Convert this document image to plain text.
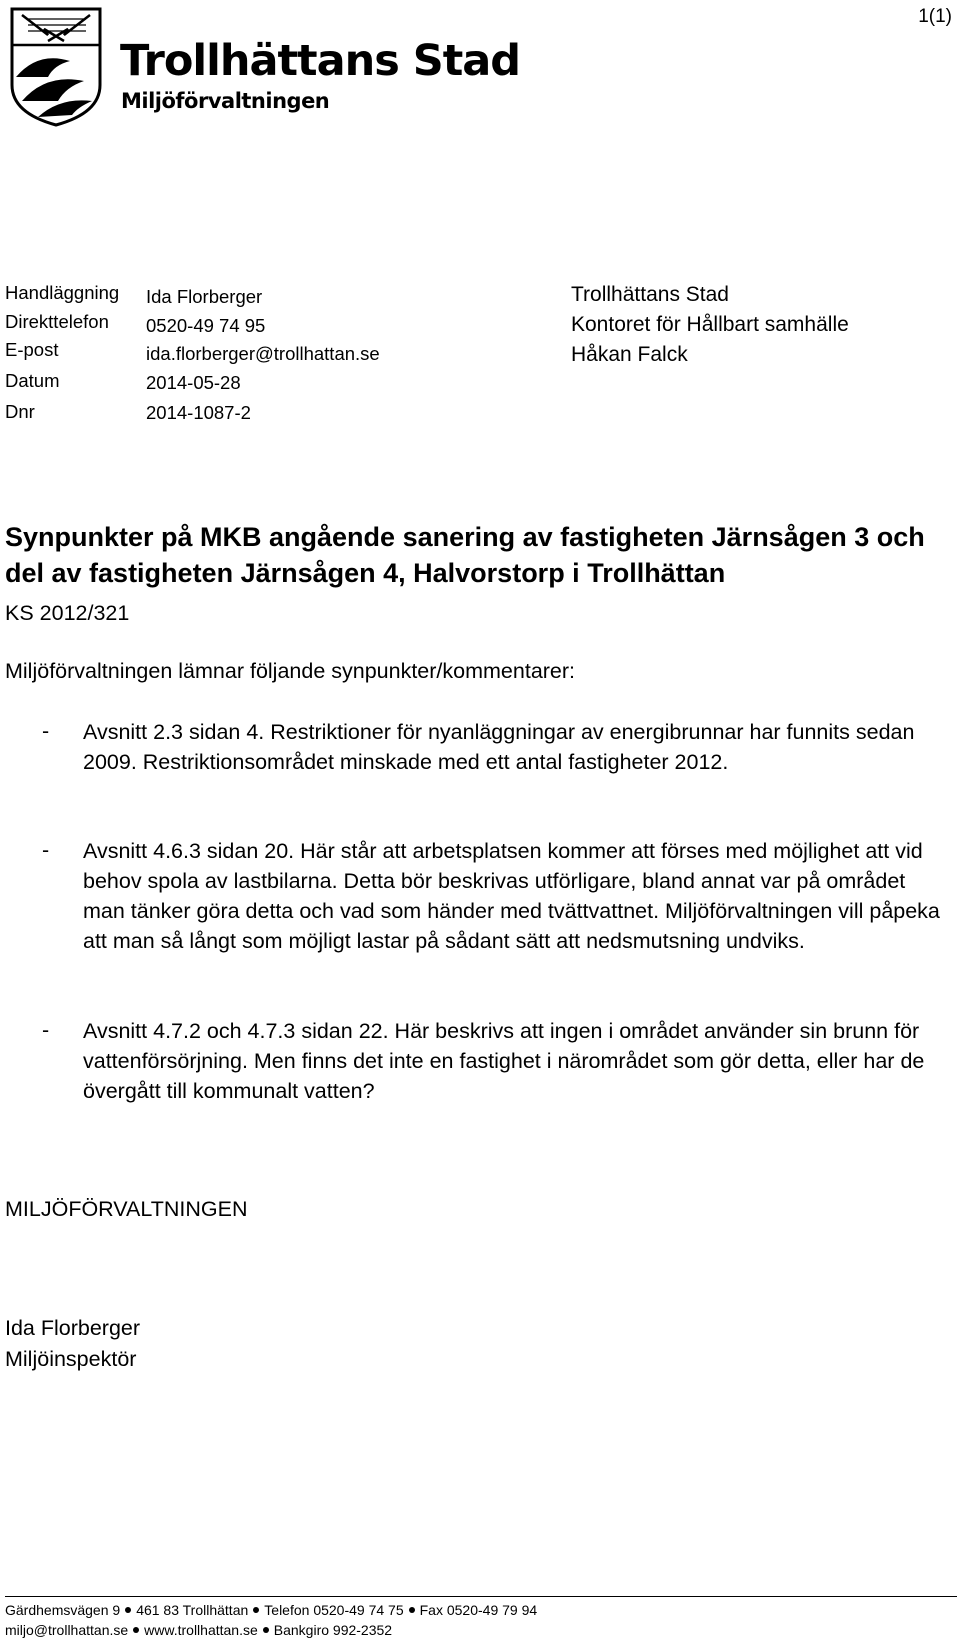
Trollhättans Stad
Miljöförvaltningen
1(1)
Handläggning Ida Florberger
Direkttelefon 0520-49 74 95
E-post	ida.florberger@trollhattan.se
Datum	2014-05-28
Dnr	2014-1087-2
Trollhättans Stad
Kontoret för Hållbart samhälle
Håkan Falck
Synpunkter på MKB angående sanering av fastigheten Järnsågen 3 och del av fastigheten Järnsågen 4, Halvorstorp i Trollhättan
KS 2012/321
Miljöförvaltningen lämnar följande synpunkter/kommentarer:
- Avsnitt 2.3 sidan 4. Restriktioner för nyanläggningar av energibrunnar har funnits sedan 2009. Restriktionsområdet minskade med ett antal fastigheter 2012.
- Avsnitt 4.6.3 sidan 20. Här står att arbetsplatsen kommer att förses med möjlighet att vid behov spola av lastbilarna. Detta bör beskrivas utförligare, bland annat var på området man tänker göra detta och vad som händer med tvättvattnet. Miljöförvaltningen vill påpeka att man så långt som möjligt lastar på sådant sätt att nedsmutsning undviks.
- Avsnitt 4.7.2 och 4.7.3 sidan 22. Här beskrivs att ingen i området använder sin brunn för vattenförsörjning. Men finns det inte en fastighet i närområdet som gör detta, eller har de övergått till kommunalt vatten?
MILJÖFÖRVALTNINGEN
Ida Florberger
Miljöinspektör
Gärdhemsvägen 9 461 83 Trollhättan Telefon 0520-49 74 75 Fax 0520-49 79 94
miljo@trollhattan.se www.trollhattan.se Bankgiro 992-2352
